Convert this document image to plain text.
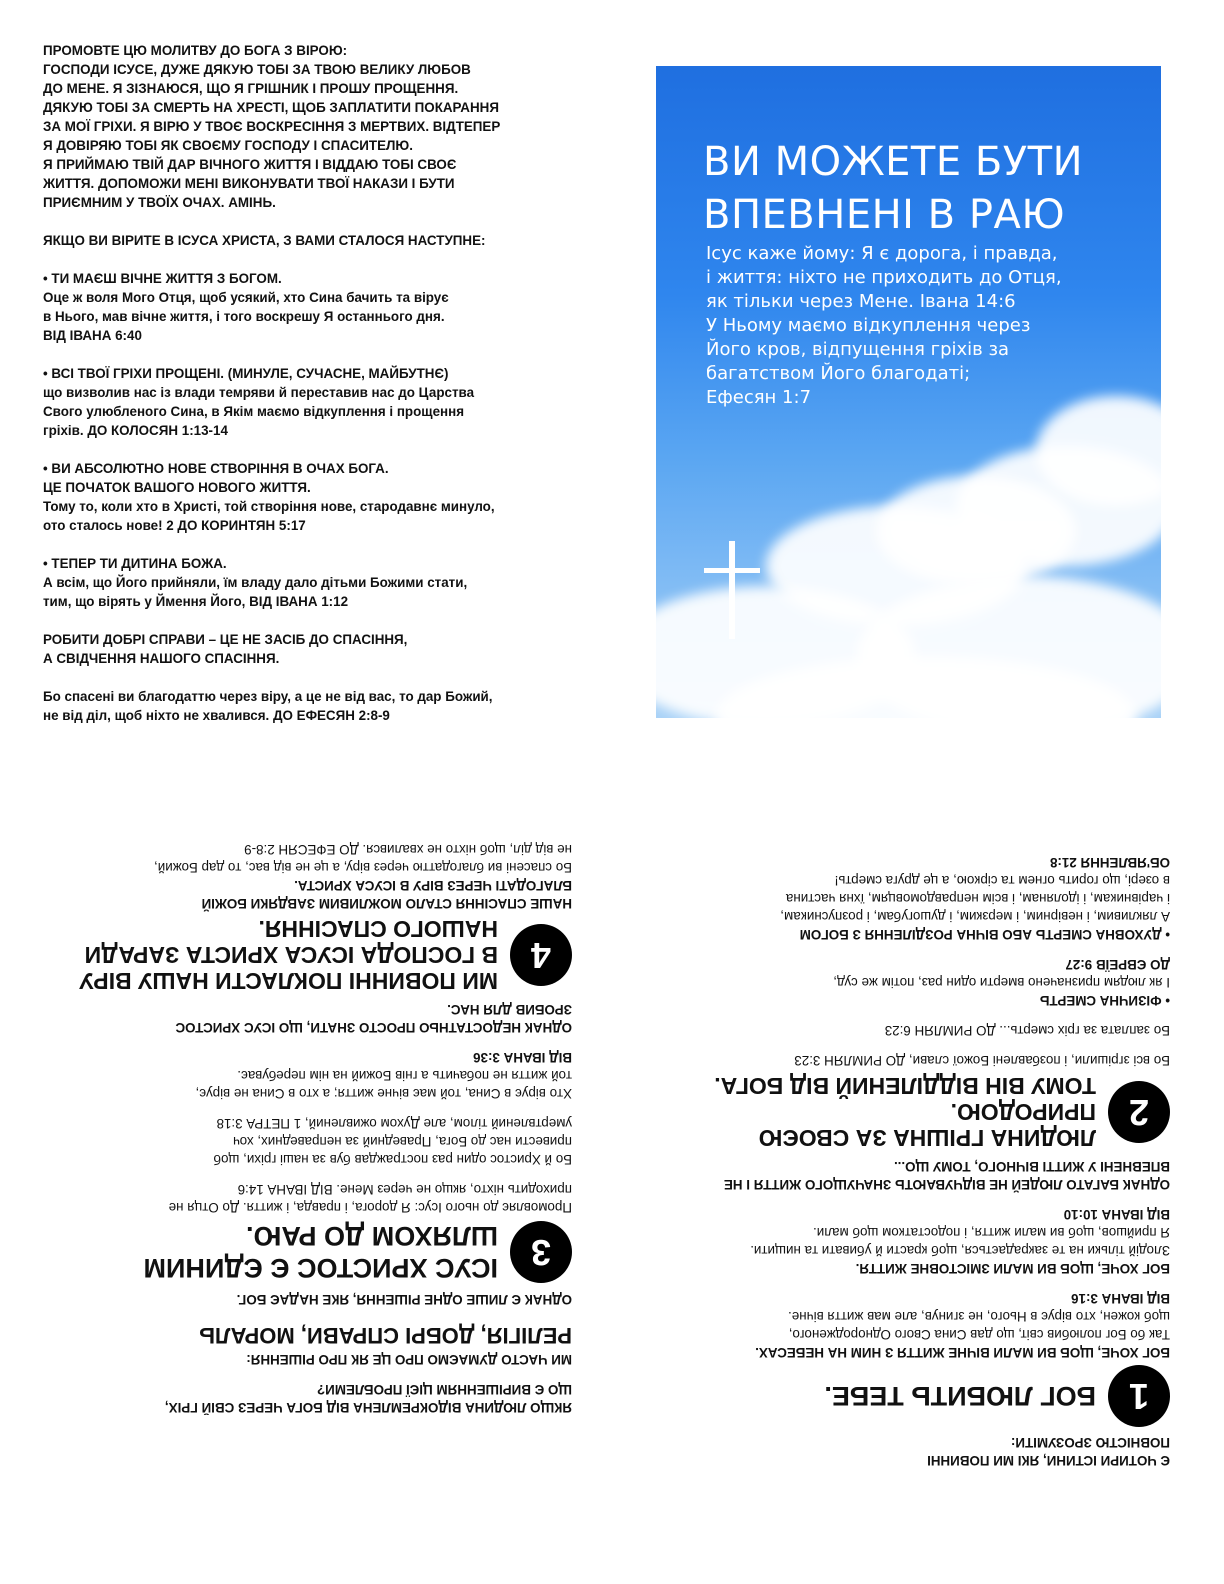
ПРОМОВТЕ ЦЮ МОЛИТВУ ДО БОГА З ВІРОЮ:
ГОСПОДИ ІСУСЕ, ДУЖЕ ДЯКУЮ ТОБІ ЗА ТВОЮ ВЕЛИКУ ЛЮБОВ
ДО МЕНЕ. Я ЗІЗНАЮСЯ, ЩО Я ГРІШНИК І ПРОШУ ПРОЩЕННЯ.
ДЯКУЮ ТОБІ ЗА СМЕРТЬ НА ХРЕСТІ, ЩОБ ЗАПЛАТИТИ ПОКАРАННЯ
ЗА МОЇ ГРІХИ. Я ВІРЮ У ТВОЄ ВОСКРЕСІННЯ З МЕРТВИХ. ВІДТЕПЕР
Я ДОВІРЯЮ ТОБІ ЯК СВОЄМУ ГОСПОДУ І СПАСИТЕЛЮ.
Я ПРИЙМАЮ ТВІЙ ДАР ВІЧНОГО ЖИТТЯ І ВІДДАЮ ТОБІ СВОЄ
ЖИТТЯ. ДОПОМОЖИ МЕНІ ВИКОНУВАТИ ТВОЇ НАКАЗИ І БУТИ
ПРИЄМНИМ У ТВОЇХ ОЧАХ. АМІНЬ.

ЯКЩО ВИ ВІРИТЕ В ІСУСА ХРИСТА, З ВАМИ СТАЛОСЯ НАСТУПНЕ:

• ТИ МАЄШ ВІЧНЕ ЖИТТЯ З БОГОМ.
Оце ж воля Мого Отця, щоб усякий, хто Сина бачить та вірує
в Нього, мав вічне життя, і того воскрешу Я останнього дня.
ВІД ІВАНА 6:40

• ВСІ ТВОЇ ГРІХИ ПРОЩЕНІ. (МИНУЛЕ, СУЧАСНЕ, МАЙБУТНЄ)
що визволив нас із влади темряви й переставив нас до Царства
Свого улюбленого Сина, в Якім маємо відкуплення і прощення
гріхів. ДО КОЛОСЯН 1:13-14

• ВИ АБСОЛЮТНО НОВЕ СТВОРІННЯ В ОЧАХ БОГА.
ЦЕ ПОЧАТОК ВАШОГО НОВОГО ЖИТТЯ.
Тому то, коли хто в Христі, той створіння нове, стародавнє минуло,
ото сталось нове! 2 ДО КОРИНТЯН 5:17

• ТЕПЕР ТИ ДИТИНА БОЖА.
А всім, що Його прийняли, їм владу дало дітьми Божими стати,
тим, що вірять у Ймення Його, ВІД ІВАНА 1:12

РОБИТИ ДОБРІ СПРАВИ – ЦЕ НЕ ЗАСІБ ДО СПАСІННЯ,
А СВІДЧЕННЯ НАШОГО СПАСІННЯ.

Бо спасені ви благодаттю через віру, а це не від вас, то дар Божий,
не від діл, щоб ніхто не хвалився. ДО ЕФЕСЯН 2:8-9

ВИ МОЖЕТЕ БУТИ
ВПЕВНЕНІ В РАЮ
Ісус каже йому: Я є дорога, і правда,
і життя: ніхто не приходить до Отця,
як тільки через Мене. Івана 14:6
У Ньому маємо відкуплення через
Його кров, відпущення гріхів за
багатством Його благодаті;
Ефесян 1:7
Є ЧОТИРИ ІСТИНИ, ЯКІ МИ ПОВИННІ
ПОВНІСТЮ ЗРОЗУМІТИ:
1
БОГ ЛЮБИТЬ ТЕБЕ.
БОГ ХОЧЕ, ЩОБ ВИ МАЛИ ВІЧНЕ ЖИТТЯ З НИМ НА НЕБЕСАХ.
Так бо Бог полюбив світ, що дав Сина Свого Однородженого,
щоб кожен, хто вірує в Нього, не згинув, але мав життя вічне.
ВІД ІВАНА 3:16
БОГ ХОЧЕ, ЩОБ ВИ МАЛИ ЗМІСТОВНЕ ЖИТТЯ.
Злодій тільки на те закрадається, щоб красти й убивати та нищити.
Я прийшов, щоб ви мали життя, і подостатком щоб мали.
ВІД ІВАНА 10:10
ОДНАК БАГАТО ЛЮДЕЙ НЕ ВІДЧУВАЮТЬ ЗНАЧУЩОГО ЖИТТЯ І НЕ
ВПЕВНЕНІ У ЖИТТІ ВІЧНОГО, ТОМУ ЩО...
2
ЛЮДИНА ГРІШНА ЗА СВОЄЮ ПРИРОДОЮ.
ТОМУ ВІН ВІДДІЛЕНИЙ ВІД БОГА.
Бо всі згрішили, і позбавлені Божої слави, ДО РИМЛЯН 3:23
Бо заплата за гріх смерть... ДО РИМЛЯН 6:23
• ФІЗИЧНА СМЕРТЬ
І як людям призначено вмерти один раз, потім же суд,
ДО ЄВРЕЇВ 9:27
• ДУХОВНА СМЕРТЬ АБО ВІЧНА РОЗДІЛЕННЯ З БОГОМ
А лякливим, і невірним, і мерзким, і душогубам, і розпусникам,
і чарівникам, і ідолянам, і всім неправдомовцям, їхня частина
в озері, що горить огнем та сіркою, а це друга смерть!
ОБ'ЯВЛЕННЯ 21:8
ЯКЩО ЛЮДИНА ВІДОКРЕМЛЕНА ВІД БОГА ЧЕРЕЗ СВІЙ ГРІХ,
ЩО Є ВИРІШЕННЯМ ЦІЄЇ ПРОБЛЕМИ?
МИ ЧАСТО ДУМАЄМО ПРО ЦЕ ЯК ПРО РІШЕННЯ:
РЕЛІГІЯ, ДОБРІ СПРАВИ, МОРАЛЬ
ОДНАК Є ЛИШЕ ОДНЕ РІШЕННЯ, ЯКЕ НАДАЄ БОГ.
3
ІСУС ХРИСТОС Є ЄДИНИМ
ШЛЯХОМ ДО РАЮ.
Промовляє до нього Ісус: Я дорога, і правда, і життя. До Отця не
приходить ніхто, якщо не через Мене. ВІД ІВАНА 14:6
Бо й Христос один раз постраждав був за наші гріхи, щоб
привести нас до Бога, Праведний за неправедних, хоч
умертвлений тілом, але Духом оживлений, 1 ПЕТРА 3:18
Хто вірує в Сина, той має вічне життя; а хто в Сина не вірує,
той життя не побачить а гнів Божий на нім перебуває.
ВІД ІВАНА 3:36
ОДНАК НЕДОСТАТНЬО ПРОСТО ЗНАТИ, ЩО ІСУС ХРИСТОС
ЗРОБИВ ДЛЯ НАС.
4
МИ ПОВИННІ ПОКЛАСТИ НАШУ ВІРУ
В ГОСПОДА ІСУСА ХРИСТА ЗАРАДИ
НАШОГО СПАСІННЯ.
НАШЕ СПАСІННЯ СТАЛО МОЖЛИВИМ ЗАВДЯКИ БОЖІЙ
БЛАГОДАТІ ЧЕРЕЗ ВІРУ В ІСУСА ХРИСТА.
Бо спасені ви благодаттю через віру, а це не від вас, то дар Божий,
не від діл, щоб ніхто не хвалився. ДО ЕФЕСЯН 2:8-9
